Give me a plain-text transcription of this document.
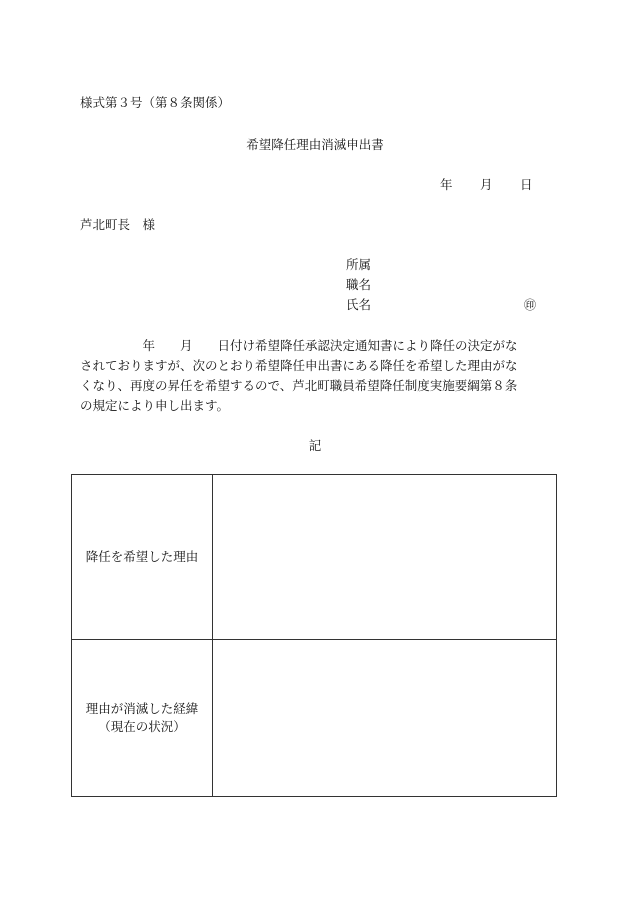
様式第３号（第８条関係）
希望降任理由消滅申出書
年 月 日
芦北町長　様
所属
職名
氏名	㊞
　　　　　年　　月　　日付け希望降任承認決定通知書により降任の決定がな
されておりますが、次のとおり希望降任申出書にある降任を希望した理由がな
くなり、再度の昇任を希望するので、芦北町職員希望降任制度実施要綱第８条
の規定により申し出ます。
記
降任を希望した理由	

理由が消滅した経緯
（現在の状況）	
